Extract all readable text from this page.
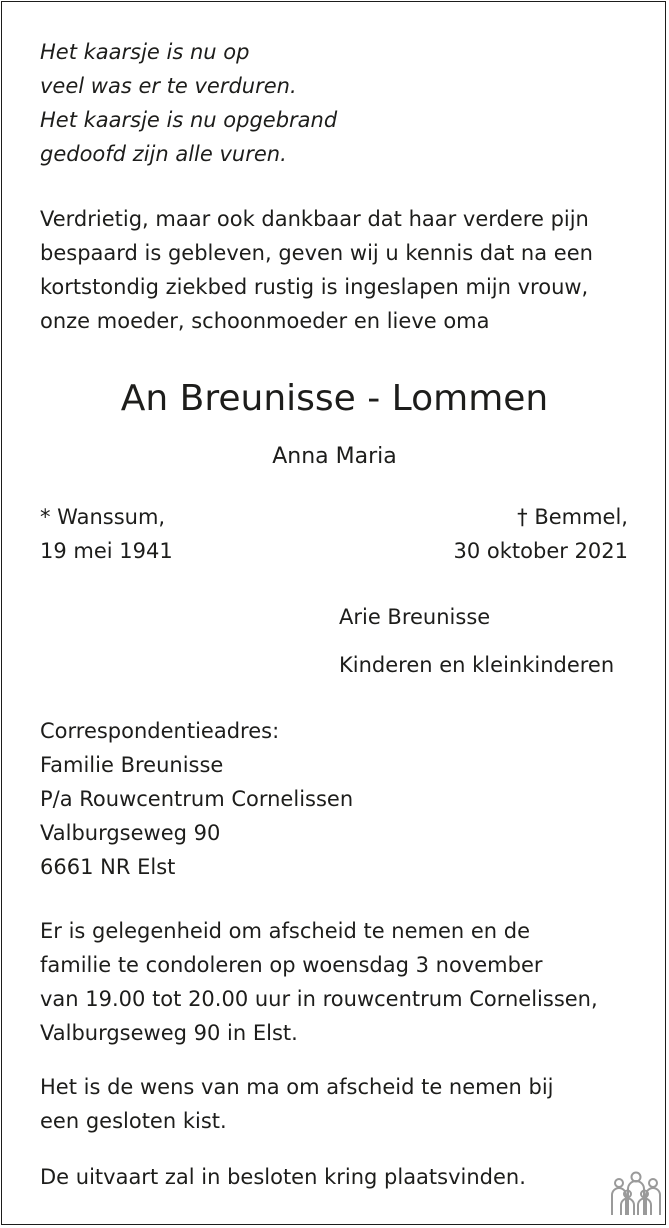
Het kaarsje is nu op
veel was er te verduren.
Het kaarsje is nu opgebrand
gedoofd zijn alle vuren.
Verdrietig, maar ook dankbaar dat haar verdere pijn
bespaard is gebleven, geven wij u kennis dat na een
kortstondig ziekbed rustig is ingeslapen mijn vrouw,
onze moeder, schoonmoeder en lieve oma
An Breunisse - Lommen
Anna Maria
* Wanssum,
19 mei 1941
† Bemmel,
30 oktober 2021
Arie Breunisse
Kinderen en kleinkinderen
Correspondentieadres:
Familie Breunisse
P/a Rouwcentrum Cornelissen
Valburgseweg 90
6661 NR Elst
Er is gelegenheid om afscheid te nemen en de
familie te condoleren op woensdag 3 november
van 19.00 tot 20.00 uur in rouwcentrum Cornelissen,
Valburgseweg 90 in Elst.
Het is de wens van ma om afscheid te nemen bij
een gesloten kist.
De uitvaart zal in besloten kring plaatsvinden.
